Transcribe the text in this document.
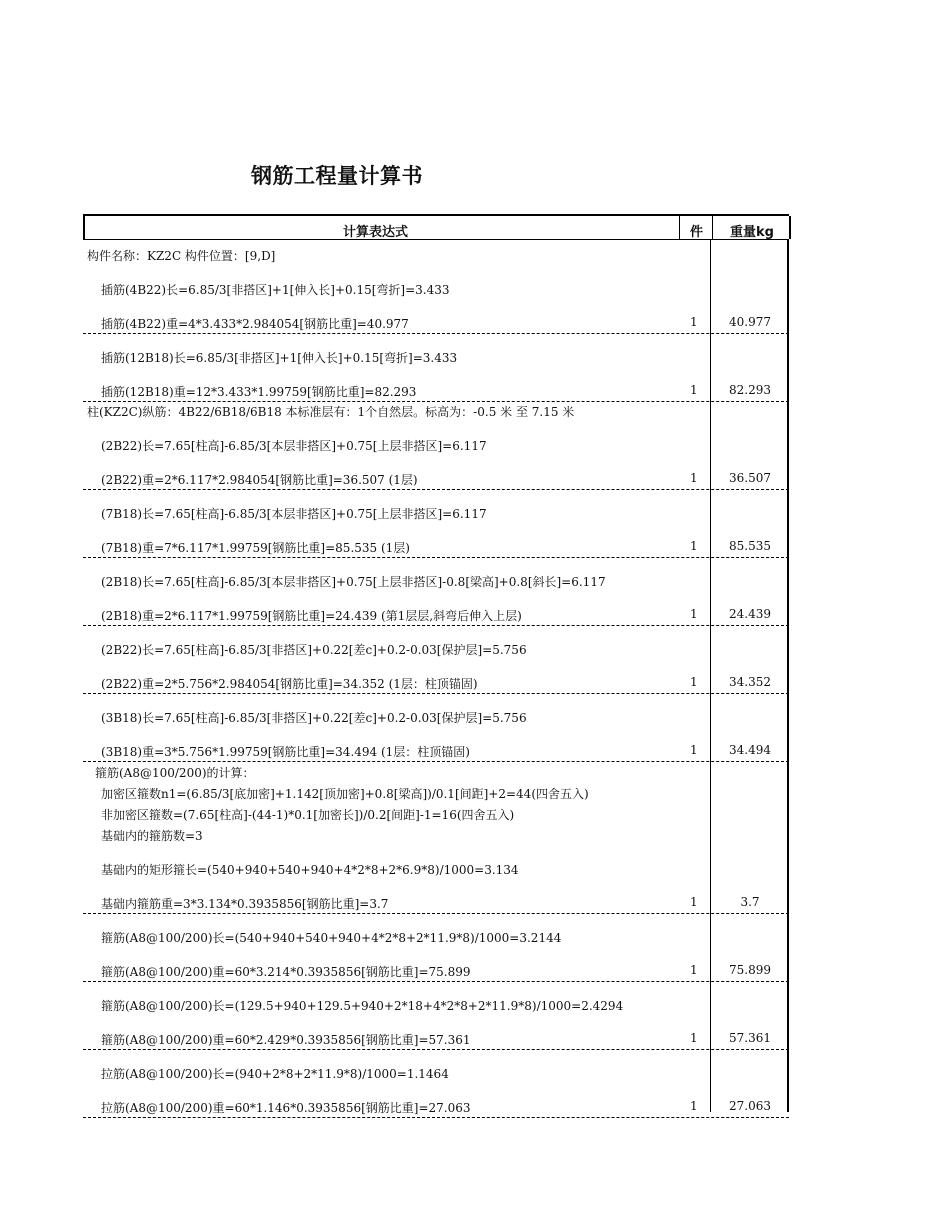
钢筋工程量计算书
计算表达式	件 重量kg
构件名称：KZ2C 构件位置：[9,D]
插筋(4B22)长=6.85/3[非搭区]+1[伸入长]+0.15[弯折]=3.433
插筋(4B22)重=4*3.433*2.984054[钢筋比重]=40.977	1	40.977
插筋(12B18)长=6.85/3[非搭区]+1[伸入长]+0.15[弯折]=3.433
插筋(12B18)重=12*3.433*1.99759[钢筋比重]=82.293	1	82.293
柱(KZ2C)纵筋：4B22/6B18/6B18 本标准层有：1个自然层。标高为：-0.5 米 至 7.15 米
(2B22)长=7.65[柱高]-6.85/3[本层非搭区]+0.75[上层非搭区]=6.117
(2B22)重=2*6.117*2.984054[钢筋比重]=36.507 (1层)	1	36.507
(7B18)长=7.65[柱高]-6.85/3[本层非搭区]+0.75[上层非搭区]=6.117
(7B18)重=7*6.117*1.99759[钢筋比重]=85.535 (1层)	1	85.535
(2B18)长=7.65[柱高]-6.85/3[本层非搭区]+0.75[上层非搭区]-0.8[梁高]+0.8[斜长]=6.117
(2B18)重=2*6.117*1.99759[钢筋比重]=24.439 (第1层层,斜弯后伸入上层)	1	24.439
(2B22)长=7.65[柱高]-6.85/3[非搭区]+0.22[差c]+0.2-0.03[保护层]=5.756
(2B22)重=2*5.756*2.984054[钢筋比重]=34.352 (1层：柱顶锚固)	1	34.352
(3B18)长=7.65[柱高]-6.85/3[非搭区]+0.22[差c]+0.2-0.03[保护层]=5.756
(3B18)重=3*5.756*1.99759[钢筋比重]=34.494 (1层：柱顶锚固)	1	34.494
箍筋(A8@100/200)的计算：
加密区箍数n1=(6.85/3[底加密]+1.142[顶加密]+0.8[梁高])/0.1[间距]+2=44(四舍五入)
非加密区箍数=(7.65[柱高]-(44-1)*0.1[加密长])/0.2[间距]-1=16(四舍五入)
基础内的箍筋数=3
基础内的矩形箍长=(540+940+540+940+4*2*8+2*6.9*8)/1000=3.134
基础内箍筋重=3*3.134*0.3935856[钢筋比重]=3.7	1	3.7
箍筋(A8@100/200)长=(540+940+540+940+4*2*8+2*11.9*8)/1000=3.2144
箍筋(A8@100/200)重=60*3.214*0.3935856[钢筋比重]=75.899	1	75.899
箍筋(A8@100/200)长=(129.5+940+129.5+940+2*18+4*2*8+2*11.9*8)/1000=2.4294
箍筋(A8@100/200)重=60*2.429*0.3935856[钢筋比重]=57.361	1	57.361
拉筋(A8@100/200)长=(940+2*8+2*11.9*8)/1000=1.1464
拉筋(A8@100/200)重=60*1.146*0.3935856[钢筋比重]=27.063	1	27.063
